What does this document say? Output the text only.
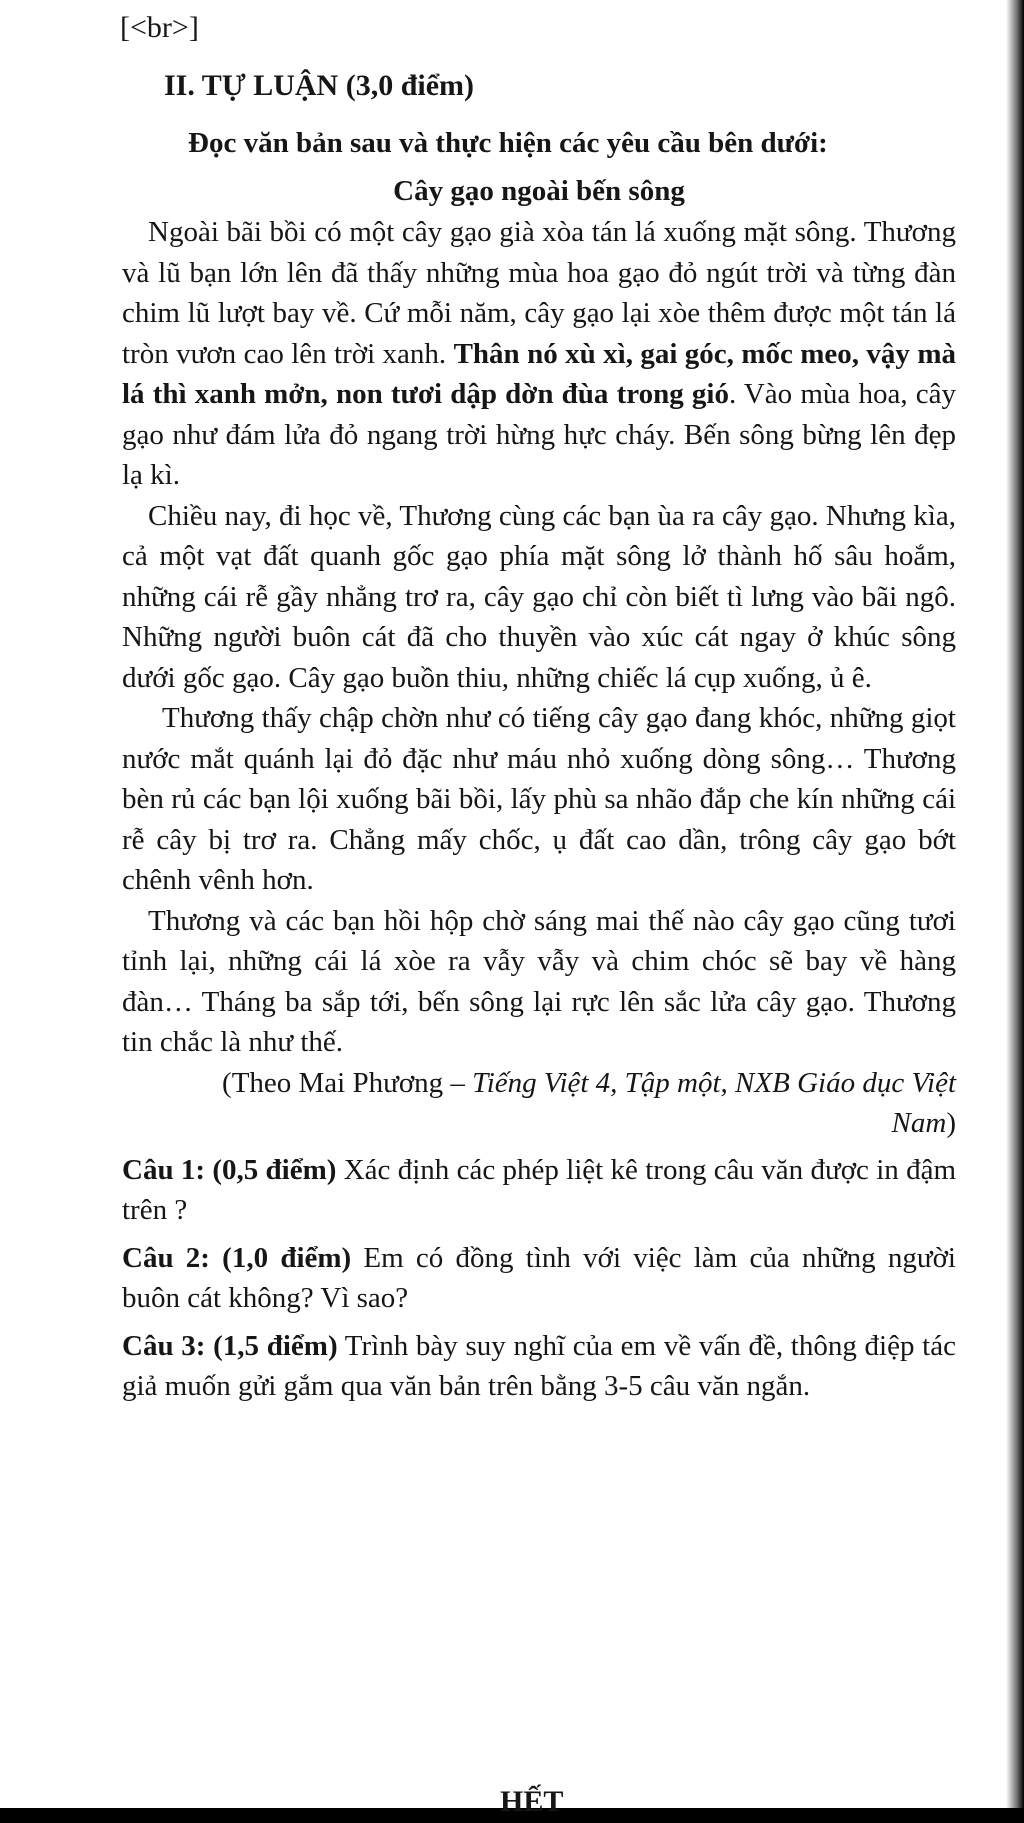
[<br>]
II. TỰ LUẬN (3,0 điểm)

Đọc văn bản sau và thực hiện các yêu cầu bên dưới:

Cây gạo ngoài bến sông

Ngoài bãi bồi có một cây gạo già xòa tán lá xuống mặt sông. Thương và lũ bạn lớn lên đã thấy những mùa hoa gạo đỏ ngút trời và từng đàn chim lũ lượt bay về. Cứ mỗi năm, cây gạo lại xòe thêm được một tán lá tròn vươn cao lên trời xanh. Thân nó xù xì, gai góc, mốc meo, vậy mà lá thì xanh mởn, non tươi dập dờn đùa trong gió. Vào mùa hoa, cây gạo như đám lửa đỏ ngang trời hừng hực cháy. Bến sông bừng lên đẹp lạ kì.

Chiều nay, đi học về, Thương cùng các bạn ùa ra cây gạo. Nhưng kìa, cả một vạt đất quanh gốc gạo phía mặt sông lở thành hố sâu hoắm, những cái rễ gầy nhẳng trơ ra, cây gạo chỉ còn biết tì lưng vào bãi ngô. Những người buôn cát đã cho thuyền vào xúc cát ngay ở khúc sông dưới gốc gạo. Cây gạo buồn thiu, những chiếc lá cụp xuống, ủ ê.

Thương thấy chập chờn như có tiếng cây gạo đang khóc, những giọt nước mắt quánh lại đỏ đặc như máu nhỏ xuống dòng sông… Thương bèn rủ các bạn lội xuống bãi bồi, lấy phù sa nhão đắp che kín những cái rễ cây bị trơ ra. Chẳng mấy chốc, ụ đất cao dần, trông cây gạo bớt chênh vênh hơn.

Thương và các bạn hồi hộp chờ sáng mai thế nào cây gạo cũng tươi tỉnh lại, những cái lá xòe ra vẫy vẫy và chim chóc sẽ bay về hàng đàn… Tháng ba sắp tới, bến sông lại rực lên sắc lửa cây gạo. Thương tin chắc là như thế.

(Theo Mai Phương – Tiếng Việt 4, Tập một, NXB Giáo dục Việt Nam)

Câu 1: (0,5 điểm) Xác định các phép liệt kê trong câu văn được in đậm trên ?

Câu 2: (1,0 điểm) Em có đồng tình với việc làm của những người buôn cát không? Vì sao?

Câu 3: (1,5 điểm) Trình bày suy nghĩ của em về vấn đề, thông điệp tác giả muốn gửi gắm qua văn bản trên bằng 3-5 câu văn ngắn.

HẾT
